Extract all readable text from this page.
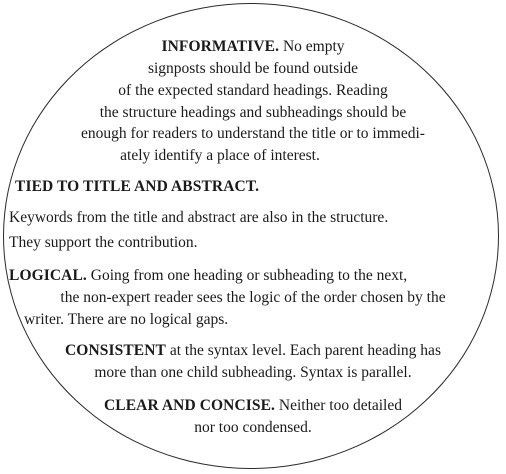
INFORMATIVE. No empty
signposts should be found outside
of the expected standard headings. Reading
the structure headings and subheadings should be
enough for readers to understand the title or to immedi-
ately identify a place of interest.
TIED TO TITLE AND ABSTRACT.
Keywords from the title and abstract are also in the structure.
They support the contribution.
LOGICAL. Going from one heading or subheading to the next,
the non-expert reader sees the logic of the order chosen by the
writer. There are no logical gaps.
CONSISTENT at the syntax level. Each parent heading has
more than one child subheading. Syntax is parallel.
CLEAR AND CONCISE. Neither too detailed
nor too condensed.
